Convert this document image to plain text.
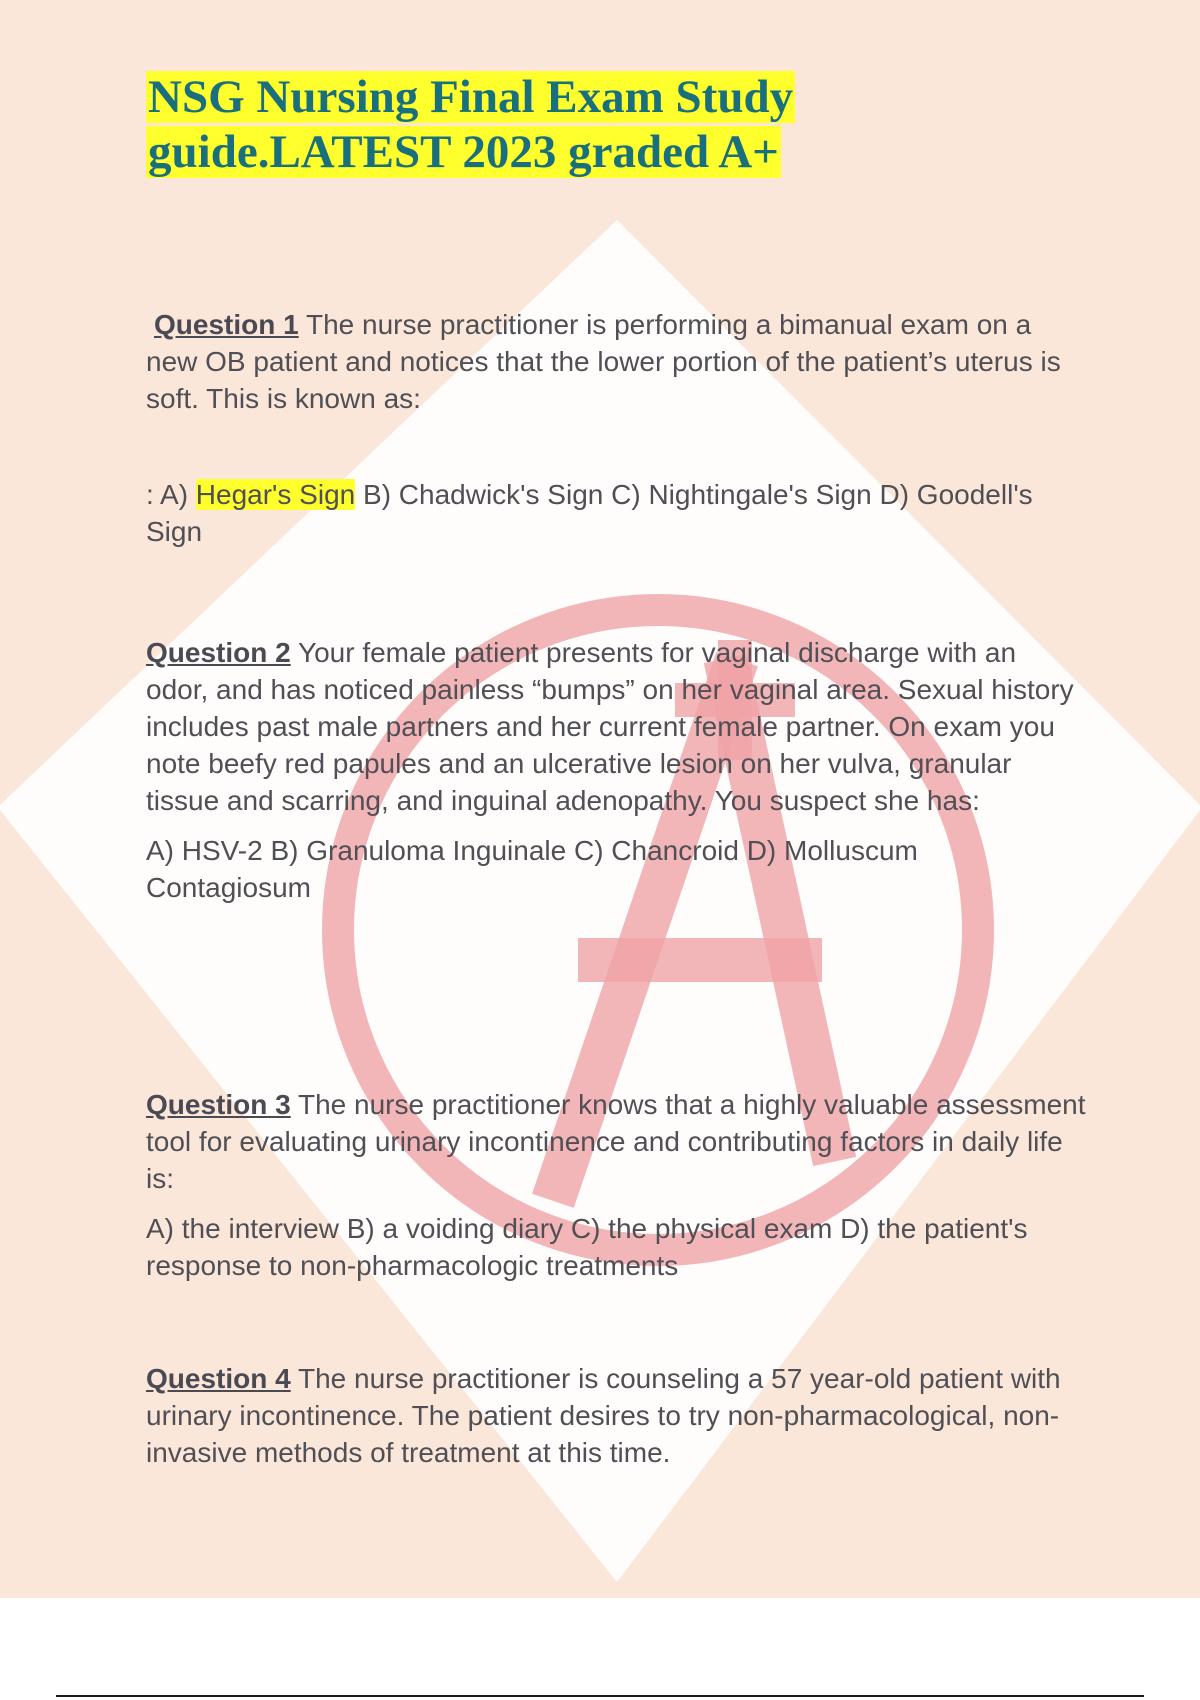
NSG Nursing Final Exam Study guide.LATEST 2023 graded A+

Question 1 The nurse practitioner is performing a bimanual exam on a new OB patient and notices that the lower portion of the patient’s uterus is soft. This is known as:

: A) Hegar's Sign B) Chadwick's Sign C) Nightingale's Sign D) Goodell's Sign

Question 2 Your female patient presents for vaginal discharge with an odor, and has noticed painless “bumps” on her vaginal area. Sexual history includes past male partners and her current female partner. On exam you note beefy red papules and an ulcerative lesion on her vulva, granular tissue and scarring, and inguinal adenopathy. You suspect she has:

A) HSV-2 B) Granuloma Inguinale C) Chancroid D) Molluscum Contagiosum

Question 3 The nurse practitioner knows that a highly valuable assessment tool for evaluating urinary incontinence and contributing factors in daily life is:

A) the interview B) a voiding diary C) the physical exam D) the patient's response to non-pharmacologic treatments

Question 4 The nurse practitioner is counseling a 57 year-old patient with urinary incontinence. The patient desires to try non-pharmacological, non-invasive methods of treatment at this time.
